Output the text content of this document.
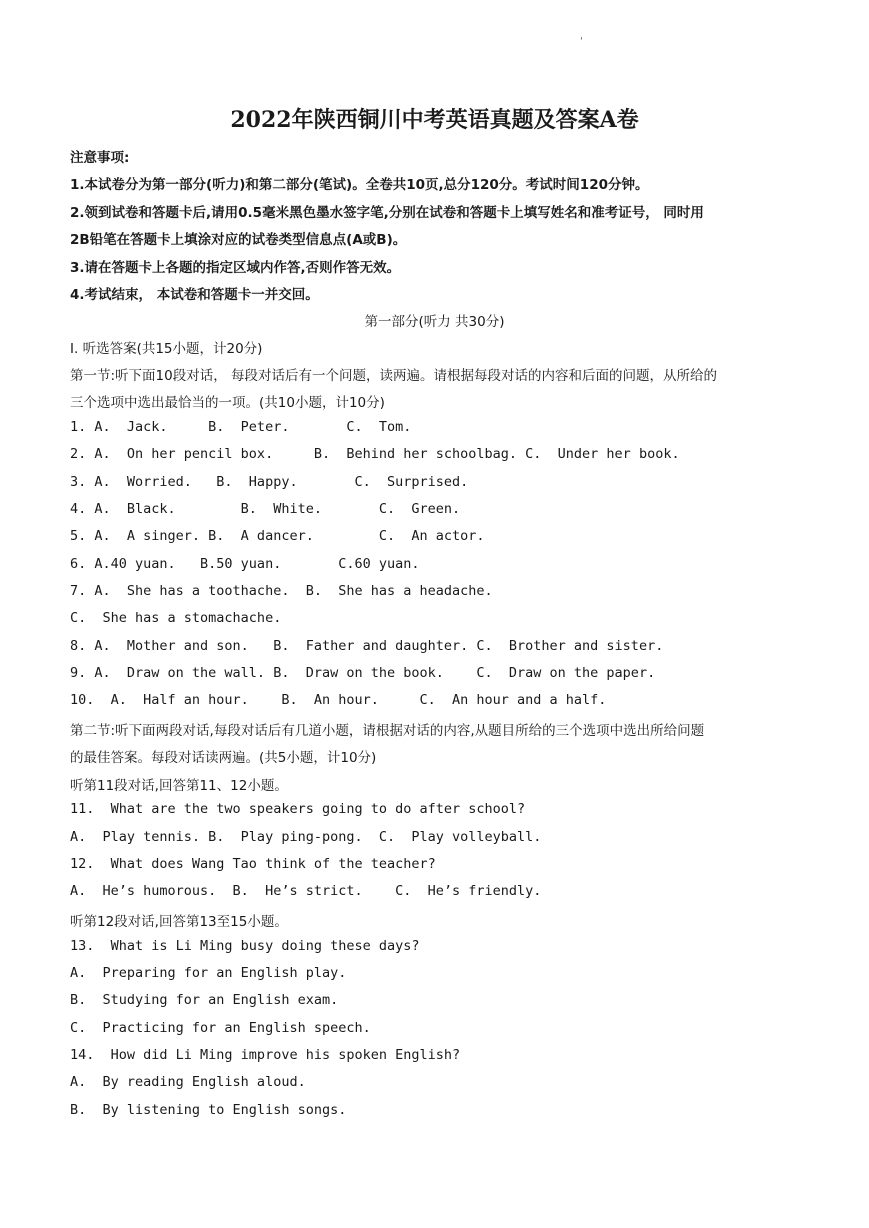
'
2022年陕西铜川中考英语真题及答案A卷
注意事项:
1.本试卷分为第一部分(听力)和第二部分(笔试)。全卷共10页,总分120分。考试时间120分钟。
2.领到试卷和答题卡后,请用0.5毫米黑色墨水签字笔,分别在试卷和答题卡上填写姓名和准考证号， 同时用
2B铅笔在答题卡上填涂对应的试卷类型信息点(A或B)。
3.请在答题卡上各题的指定区域内作答,否则作答无效。
4.考试结束， 本试卷和答题卡一并交回。
第一部分(听力 共30分)
I. 听选答案(共15小题，计20分)
第一节:听下面10段对话， 每段对话后有一个问题，读两遍。请根据每段对话的内容和后面的问题，从所给的
三个选项中选出最恰当的一项。(共10小题，计10分)
1. A.  Jack.     B.  Peter.       C.  Tom.
2. A.  On her pencil box.     B.  Behind her schoolbag. C.  Under her book.
3. A.  Worried.   B.  Happy.       C.  Surprised.
4. A.  Black.        B.  White.       C.  Green.
5. A.  A singer. B.  A dancer.        C.  An actor.
6. A.40 yuan.   B.50 yuan.       C.60 yuan.
7. A.  She has a toothache.  B.  She has a headache.
C.  She has a stomachache.
8. A.  Mother and son.   B.  Father and daughter. C.  Brother and sister.
9. A.  Draw on the wall. B.  Draw on the book.    C.  Draw on the paper.
10.  A.  Half an hour.    B.  An hour.     C.  An hour and a half.
第二节:听下面两段对话,每段对话后有几道小题，请根据对话的内容,从题目所给的三个选项中选出所给问题
的最佳答案。每段对话读两遍。(共5小题，计10分)
听第11段对话,回答第11、12小题。
11.  What are the two speakers going to do after school?
A.  Play tennis. B.  Play ping-pong.  C.  Play volleyball.
12.  What does Wang Tao think of the teacher?
A.  He’s humorous.  B.  He’s strict.    C.  He’s friendly.
听第12段对话,回答第13至15小题。
13.  What is Li Ming busy doing these days?
A.  Preparing for an English play.
B.  Studying for an English exam.
C.  Practicing for an English speech.
14.  How did Li Ming improve his spoken English?
A.  By reading English aloud.
B.  By listening to English songs.
